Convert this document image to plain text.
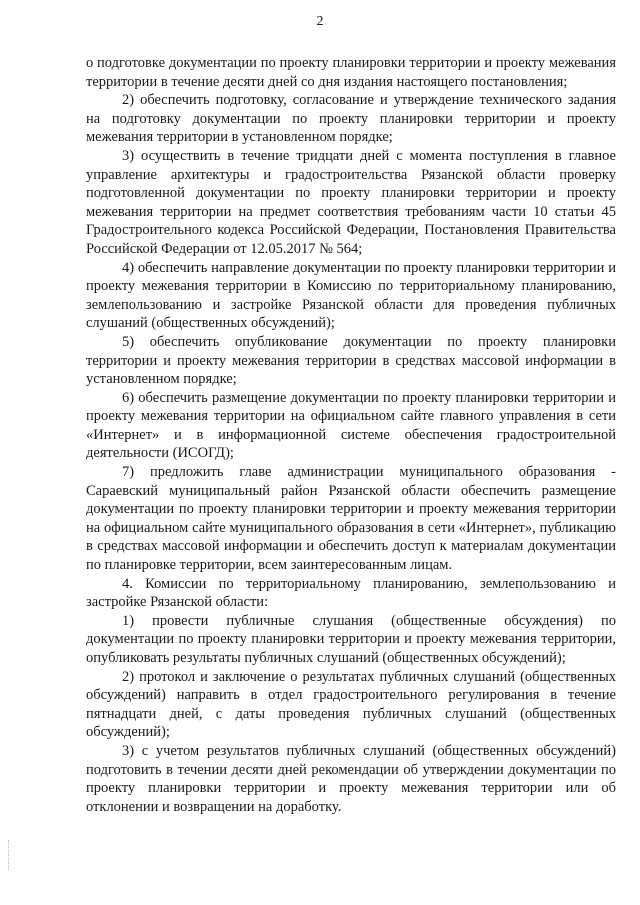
2

о подготовке документации по проекту планировки территории и проекту межевания территории в течение десяти дней со дня издания настоящего постановления;

2) обеспечить подготовку, согласование и утверждение технического задания на подготовку документации по проекту планировки территории и проекту межевания территории в установленном порядке;

3) осуществить в течение тридцати дней с момента поступления в главное управление архитектуры и градостроительства Рязанской области проверку подготовленной документации по проекту планировки территории и проекту межевания территории на предмет соответствия требованиям части 10 статьи 45 Градостроительного кодекса Российской Федерации, Постановления Правительства Российской Федерации от 12.05.2017 № 564;

4) обеспечить направление документации по проекту планировки территории и проекту межевания территории в Комиссию по территориальному планированию, землепользованию и застройке Рязанской области для проведения публичных слушаний (общественных обсуждений);

5) обеспечить опубликование документации по проекту планировки территории и проекту межевания территории в средствах массовой информации в установленном порядке;

6) обеспечить размещение документации по проекту планировки территории и проекту межевания территории на официальном сайте главного управления в сети «Интернет» и в информационной системе обеспечения градостроительной деятельности (ИСОГД);

7) предложить главе администрации муниципального образования - Сараевский муниципальный район Рязанской области обеспечить размещение документации по проекту планировки территории и проекту межевания территории на официальном сайте муниципального образования в сети «Интернет», публикацию в средствах массовой информации и обеспечить доступ к материалам документации по планировке территории, всем заинтересованным лицам.

4. Комиссии по территориальному планированию, землепользованию и застройке Рязанской области:

1) провести публичные слушания (общественные обсуждения) по документации по проекту планировки территории и проекту межевания территории, опубликовать результаты публичных слушаний (общественных обсуждений);

2) протокол и заключение о результатах публичных слушаний (общественных обсуждений) направить в отдел градостроительного регулирования в течение пятнадцати дней, с даты проведения публичных слушаний (общественных обсуждений);

3) с учетом результатов публичных слушаний (общественных обсуждений) подготовить в течении десяти дней рекомендации об утверждении документации по проекту планировки территории и проекту межевания территории или об отклонении и возвращении на доработку.
